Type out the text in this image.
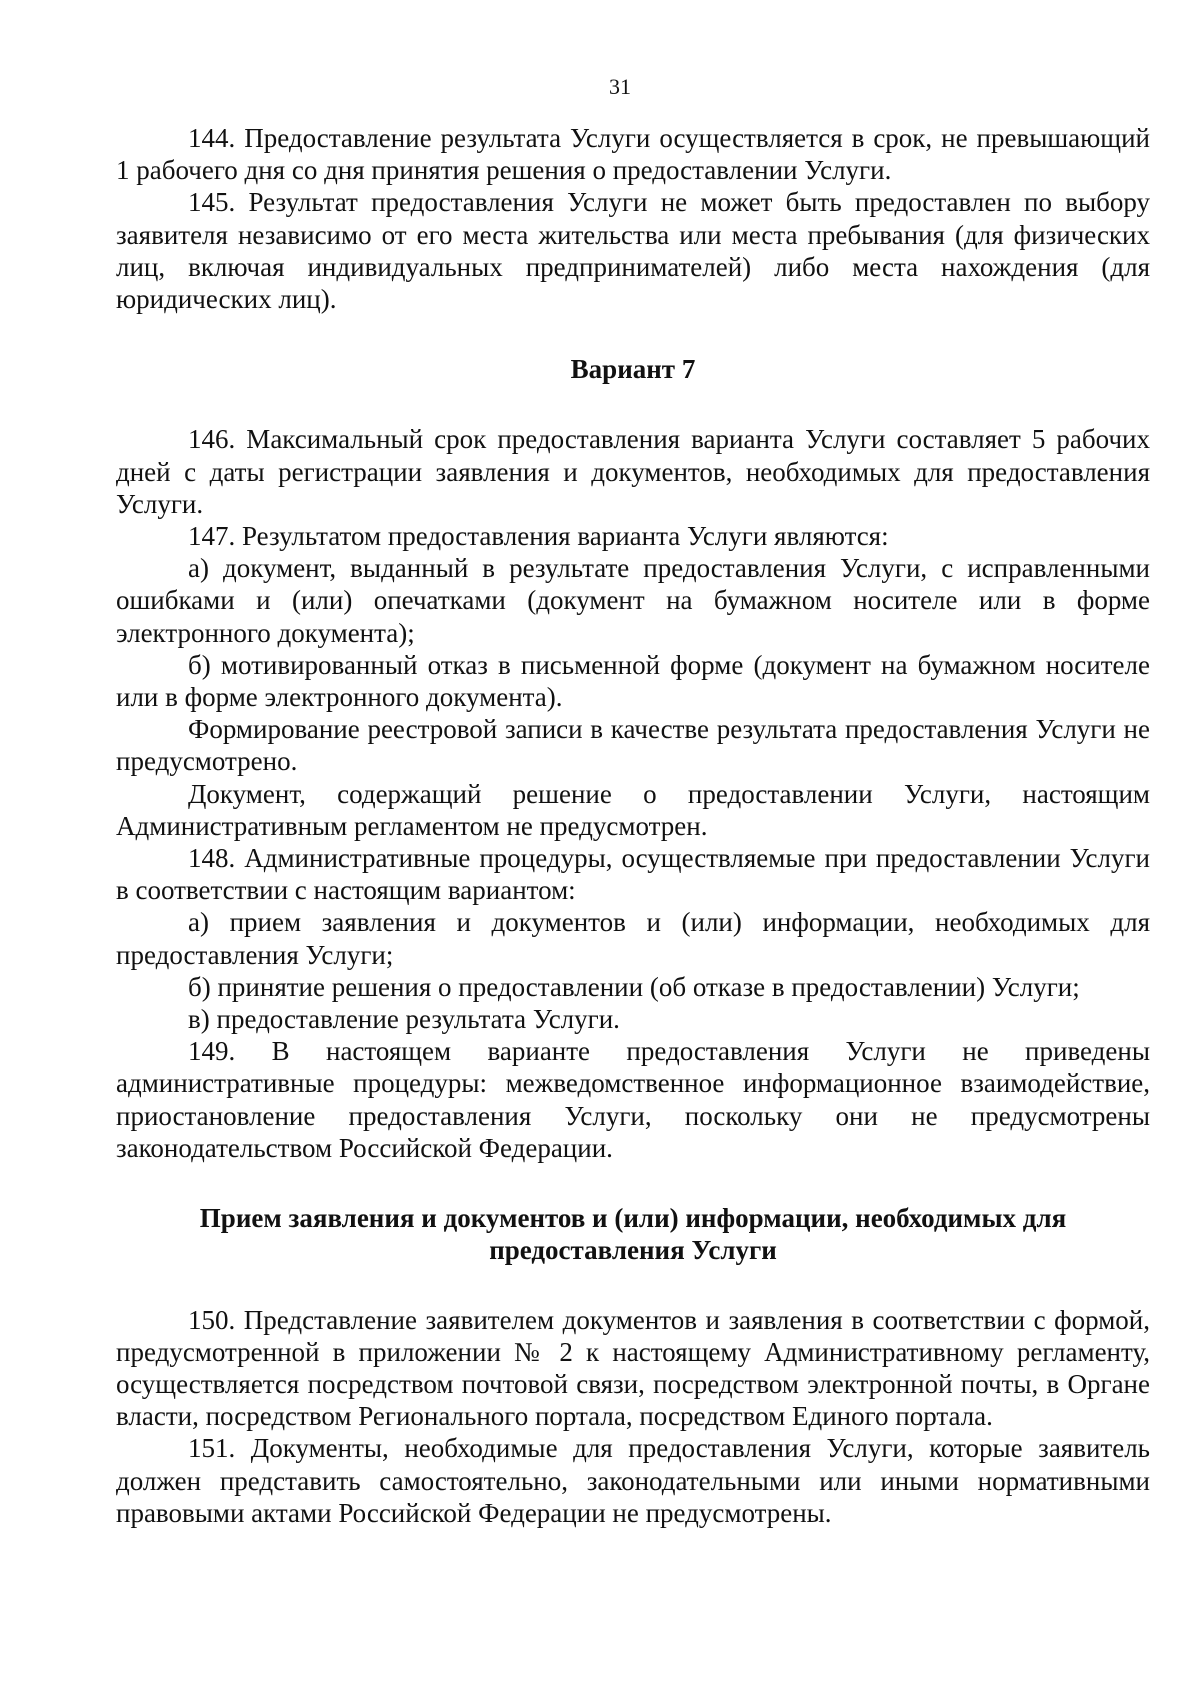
31

144. Предоставление результата Услуги осуществляется в срок, не превышающий 1 рабочего дня со дня принятия решения о предоставлении Услуги.

145. Результат предоставления Услуги не может быть предоставлен по выбору заявителя независимо от его места жительства или места пребывания (для физических лиц, включая индивидуальных предпринимателей) либо места нахождения (для юридических лиц).

Вариант 7

146. Максимальный срок предоставления варианта Услуги составляет 5 рабочих дней с даты регистрации заявления и документов, необходимых для предоставления Услуги.

147. Результатом предоставления варианта Услуги являются:

а) документ, выданный в результате предоставления Услуги, с исправленными ошибками и (или) опечатками (документ на бумажном носителе или в форме электронного документа);

б) мотивированный отказ в письменной форме (документ на бумажном носителе или в форме электронного документа).

Формирование реестровой записи в качестве результата предоставления Услуги не предусмотрено.

Документ, содержащий решение о предоставлении Услуги, настоящим Административным регламентом не предусмотрен.

148. Административные процедуры, осуществляемые при предоставлении Услуги в соответствии с настоящим вариантом:

а) прием заявления и документов и (или) информации, необходимых для предоставления Услуги;

б) принятие решения о предоставлении (об отказе в предоставлении) Услуги;

в) предоставление результата Услуги.

149. В настоящем варианте предоставления Услуги не приведены административные процедуры: межведомственное информационное взаимодействие, приостановление предоставления Услуги, поскольку они не предусмотрены законодательством Российской Федерации.

Прием заявления и документов и (или) информации, необходимых для
предоставления Услуги

150. Представление заявителем документов и заявления в соответствии с формой, предусмотренной в приложении № 2 к настоящему Административному регламенту, осуществляется посредством почтовой связи, посредством электронной почты, в Органе власти, посредством Регионального портала, посредством Единого портала.

151. Документы, необходимые для предоставления Услуги, которые заявитель должен представить самостоятельно, законодательными или иными нормативными правовыми актами Российской Федерации не предусмотрены.
